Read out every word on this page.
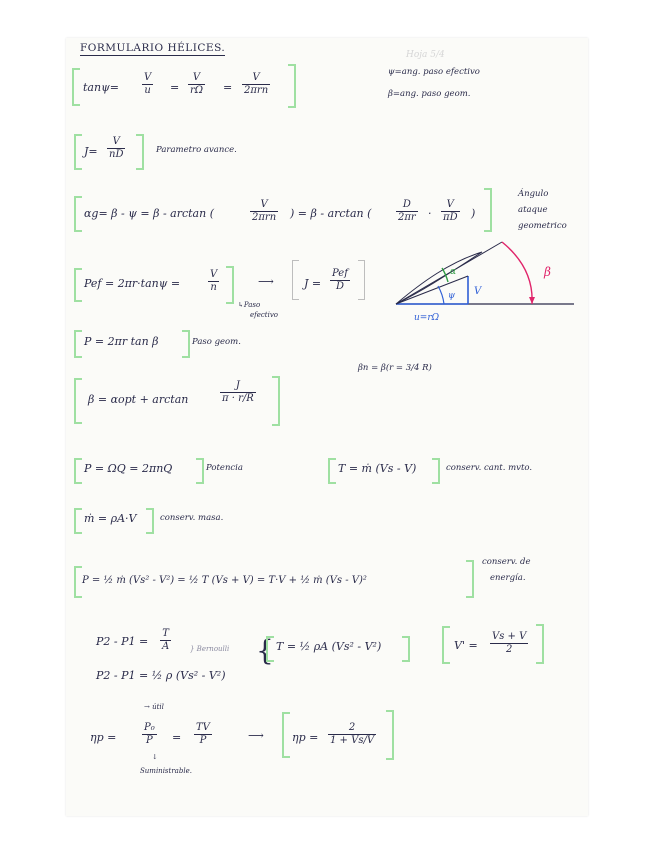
Hoja 5/4
FORMULARIO HÉLICES.
$\tan\psi= \frac{V}{u} = \frac{V}{r\Omega}$ =
V
2πrn
ψ=ang. paso efectivo
β=ang. paso geom.
$J= \frac{V}{nD}$	Parametro avance.
αg= β - ψ = β - arctan (
V
2πrn ) = β - arctan ( $\frac{D}{2\pi r} \cdot \frac{V}{\pi D}$ )
Ángulo
ataque
geometrico
Pef = 2πr·tanψ =	$\frac{V}{n}$	⟶	J =
Pef
D
↳Paso
efectivo
P = 2πr tan β	Paso geom.
β = αopt + arctan	$\frac{J}{\pi \cdot r/R}$
βn = β(r = 3/4 R)
P = ΩQ = 2πnQ	Potencia	T = ṁ (Vs - V)	conserv. cant. mvto.
ṁ = ρA·V	conserv. masa.
P = ½ ṁ (Vs² - V²) = ½ T (Vs + V) = T·V + ½ ṁ (Vs - V)²
conserv. de
energía.
$P2 - P1 = \frac{T}{A}$
P2 - P1 = ½ ρ (Vs² - V²)
} Bernoulli { T = ½ ρA (Vs² - V²)	$V' = \frac{Vs + V}{2}$
→ útil
ηp =	$\frac{\text{P₀}}{P} = \frac{TV}{P}$	⟶	$\eta p = \frac{2}{1 + Vs/V}$
↓
Suministrable.
β
α
ψ V
u=rΩ
